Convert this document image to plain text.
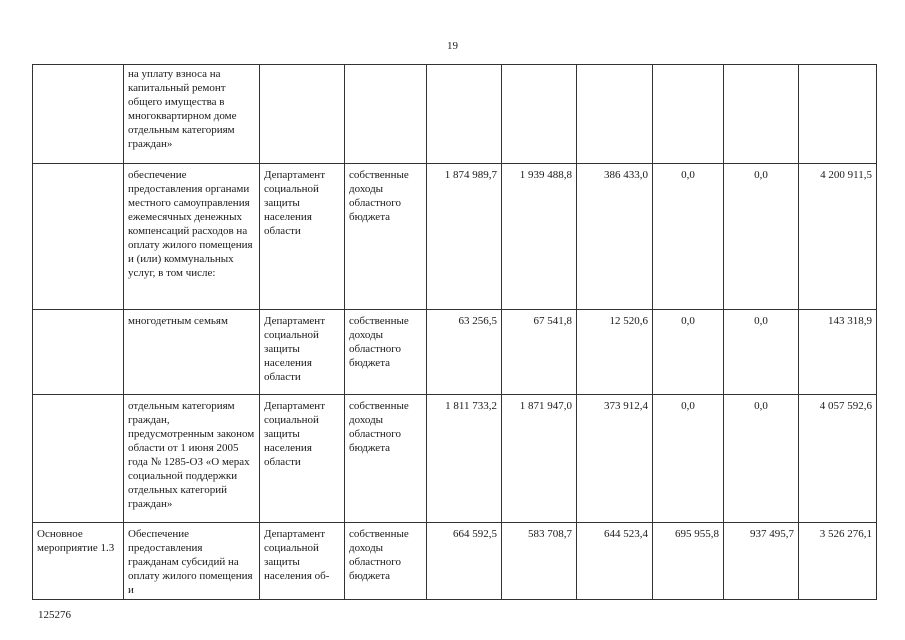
19
	на уплату взноса на капитальный ремонт общего имущества в многоквартирном доме отдельным категориям граждан»								
	обеспечение предоставления органами местного самоуправления ежемесячных денежных компенсаций расходов на оплату жилого помещения и (или) коммунальных услуг, в том числе:	Департамент социальной защиты населения области	собственные доходы областного бюджета	1 874 989,7	1 939 488,8	386 433,0	0,0	0,0	4 200 911,5
	многодетным семьям	Департамент социальной защиты населения области	собственные доходы областного бюджета	63 256,5	67 541,8	12 520,6	0,0	0,0	143 318,9
	отдельным категориям граждан, предусмотренным законом области от 1 июня 2005 года № 1285-ОЗ «О мерах социальной поддержки отдельных категорий граждан»	Департамент социальной защиты населения области	собственные доходы областного бюджета	1 811 733,2	1 871 947,0	373 912,4	0,0	0,0	4 057 592,6
Основное мероприятие 1.3	Обеспечение предоставления гражданам субсидий на оплату жилого помещения и	Департамент социальной защиты населения об-	собственные доходы областного бюджета	664 592,5	583 708,7	644 523,4	695 955,8	937 495,7	3 526 276,1
125276
